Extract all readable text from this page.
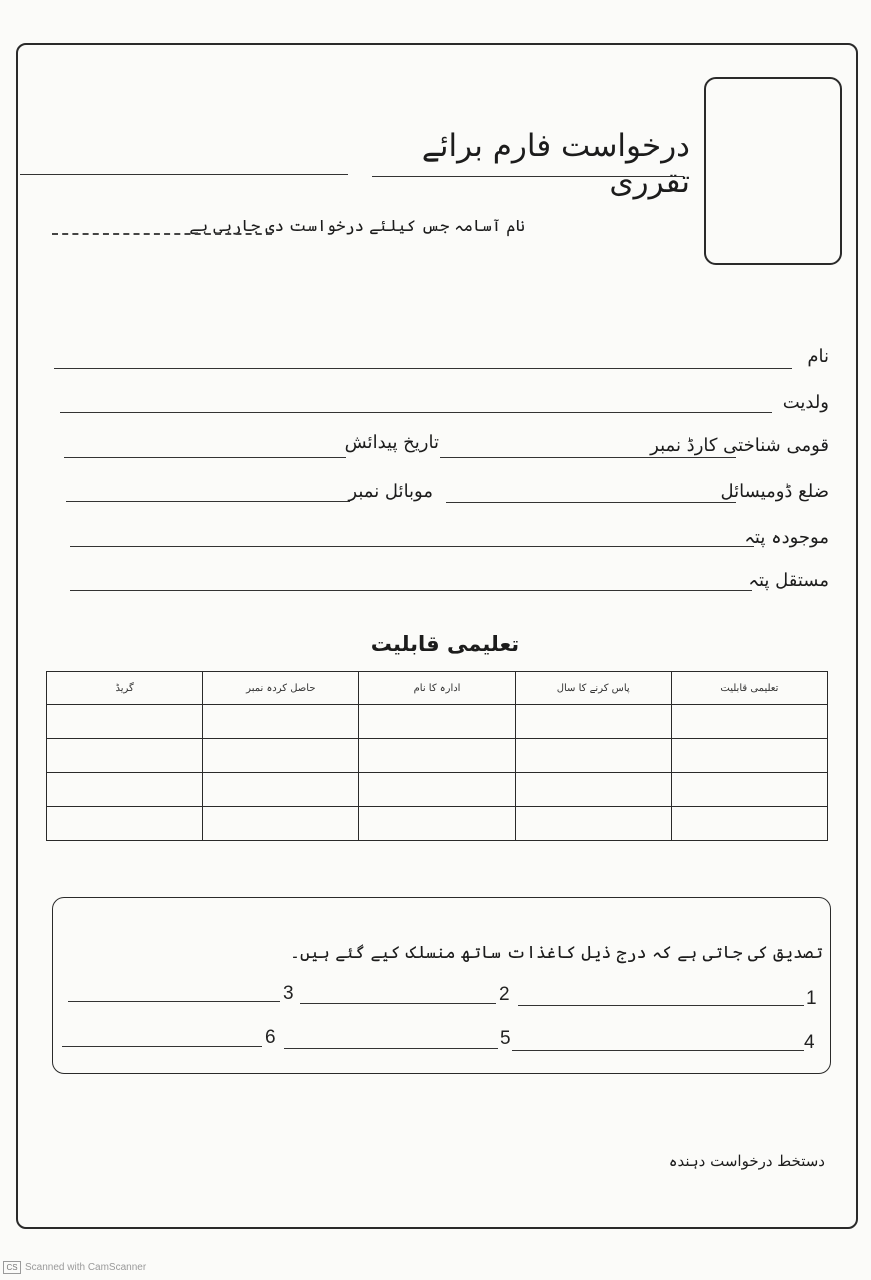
درخواست فارم برائے تقرری
نام آسامہ جس کیلئے درخواست دی جارہی ہے
نام
ولدیت
قومی شناختی کارڈ نمبر
تاریخ پیدائش
ضلع ڈومیسائل
موبائل نمبر
موجودہ پتہ
مستقل پتہ
تعلیمی قابلیت
تعلیمی قابلیت	پاس کرنے کا سال	ادارہ کا نام	حاصل کردہ نمبر	گریڈ

تصدیق کی جاتی ہے کہ درج ذیل کاغذات ساتھ منسلک کیے گئے ہیں۔
1
2
3
4
5
6
دستخط درخواست دہندہ
CS Scanned with CamScanner
